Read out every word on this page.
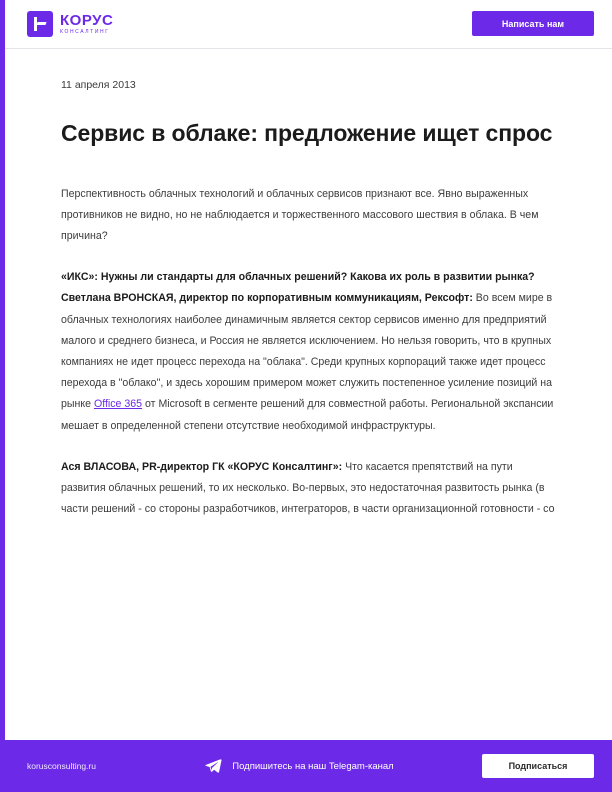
КОРУС
КОНСАЛТИНГ
Написать нам
11 апреля 2013
Сервис в облаке: предложение ищет спрос

Перспективность облачных технологий и облачных сервисов признают все. Явно выраженных противников не видно, но не наблюдается и торжественного массового шествия в облака. В чем причина?

«ИКС»: Нужны ли стандарты для облачных решений? Какова их роль в развитии рынка? Светлана ВРОНСКАЯ, директор по корпоративным коммуникациям, Рексофт: Во всем мире в облачных технологиях наиболее динамичным является сектор сервисов именно для предприятий малого и среднего бизнеса, и Россия не является исключением. Но нельзя говорить, что в крупных компаниях не идет процесс перехода на "облака". Среди крупных корпораций также идет процесс перехода в "облако", и здесь хорошим примером может служить постепенное усиление позиций на рынке Office 365 от Microsoft в сегменте решений для совместной работы. Региональной экспансии мешает в определенной степени отсутствие необходимой инфраструктуры.

Ася ВЛАСОВА, PR-директор ГК «КОРУС Консалтинг»: Что касается препятствий на пути развития облачных решений, то их несколько. Во-первых, это недостаточная развитость рынка (в части решений - со стороны разработчиков, интеграторов, в части организационной готовности - со

korusconsulting.ru	Подпишитесь на наш Telegam-канал	Подписаться
